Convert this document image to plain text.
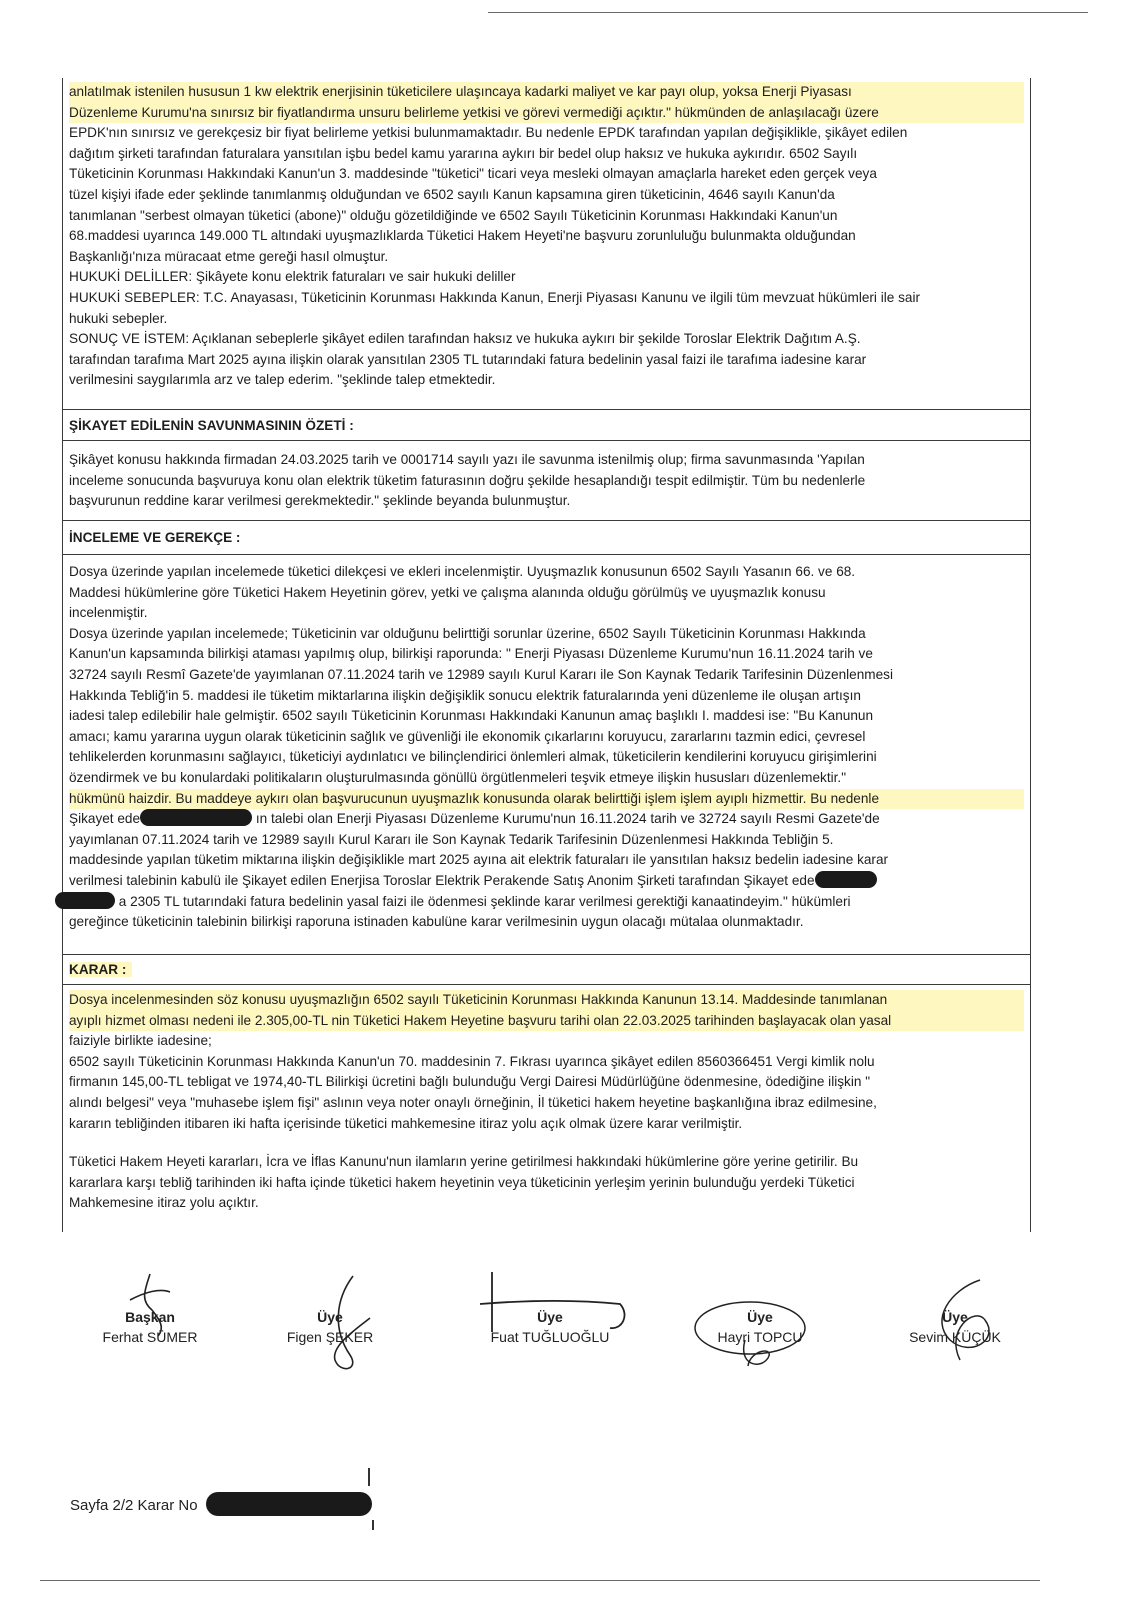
anlatılmak istenilen hususun 1 kw elektrik enerjisinin tüketicilere ulaşıncaya kadarki maliyet ve kar payı olup, yoksa Enerji Piyasası

Düzenleme Kurumu'na sınırsız bir fiyatlandırma unsuru belirleme yetkisi ve görevi vermediği açıktır." hükmünden de anlaşılacağı üzere

EPDK'nın sınırsız ve gerekçesiz bir fiyat belirleme yetkisi bulunmamaktadır. Bu nedenle EPDK tarafından yapılan değişiklikle, şikâyet edilen

dağıtım şirketi tarafından faturalara yansıtılan işbu bedel kamu yararına aykırı bir bedel olup haksız ve hukuka aykırıdır. 6502 Sayılı

Tüketicinin Korunması Hakkındaki Kanun'un 3. maddesinde "tüketici" ticari veya mesleki olmayan amaçlarla hareket eden gerçek veya

tüzel kişiyi ifade eder şeklinde tanımlanmış olduğundan ve 6502 sayılı Kanun kapsamına giren tüketicinin, 4646 sayılı Kanun'da

tanımlanan "serbest olmayan tüketici (abone)" olduğu gözetildiğinde ve 6502 Sayılı Tüketicinin Korunması Hakkındaki Kanun'un

68.maddesi uyarınca 149.000 TL altındaki uyuşmazlıklarda Tüketici Hakem Heyeti'ne başvuru zorunluluğu bulunmakta olduğundan

Başkanlığı'nıza müracaat etme gereği hasıl olmuştur.

HUKUKİ DELİLLER: Şikâyete konu elektrik faturaları ve sair hukuki deliller

HUKUKİ SEBEPLER: T.C. Anayasası, Tüketicinin Korunması Hakkında Kanun, Enerji Piyasası Kanunu ve ilgili tüm mevzuat hükümleri ile sair

hukuki sebepler.

SONUÇ VE İSTEM: Açıklanan sebeplerle şikâyet edilen tarafından haksız ve hukuka aykırı bir şekilde Toroslar Elektrik Dağıtım A.Ş.

tarafından tarafıma Mart 2025 ayına ilişkin olarak yansıtılan 2305 TL tutarındaki fatura bedelinin yasal faizi ile tarafıma iadesine karar

verilmesini saygılarımla arz ve talep ederim. "şeklinde talep etmektedir.

ŞİKAYET EDİLENİN SAVUNMASININ ÖZETİ :

Şikâyet konusu hakkında firmadan 24.03.2025 tarih ve 0001714 sayılı yazı ile savunma istenilmiş olup; firma savunmasında 'Yapılan

inceleme sonucunda başvuruya konu olan elektrik tüketim faturasının doğru şekilde hesaplandığı tespit edilmiştir. Tüm bu nedenlerle

başvurunun reddine karar verilmesi gerekmektedir." şeklinde beyanda bulunmuştur.

İNCELEME VE GEREKÇE :

Dosya üzerinde yapılan incelemede tüketici dilekçesi ve ekleri incelenmiştir. Uyuşmazlık konusunun 6502 Sayılı Yasanın 66. ve 68.

Maddesi hükümlerine göre Tüketici Hakem Heyetinin görev, yetki ve çalışma alanında olduğu görülmüş ve uyuşmazlık konusu

incelenmiştir.

Dosya üzerinde yapılan incelemede; Tüketicinin var olduğunu belirttiği sorunlar üzerine, 6502 Sayılı Tüketicinin Korunması Hakkında

Kanun'un kapsamında bilirkişi ataması yapılmış olup, bilirkişi raporunda: " Enerji Piyasası Düzenleme Kurumu'nun 16.11.2024 tarih ve

32724 sayılı Resmî Gazete'de yayımlanan 07.11.2024 tarih ve 12989 sayılı Kurul Kararı ile Son Kaynak Tedarik Tarifesinin Düzenlenmesi

Hakkında Tebliğ'in 5. maddesi ile tüketim miktarlarına ilişkin değişiklik sonucu elektrik faturalarında yeni düzenleme ile oluşan artışın

iadesi talep edilebilir hale gelmiştir. 6502 sayılı Tüketicinin Korunması Hakkındaki Kanunun amaç başlıklı I. maddesi ise: "Bu Kanunun

amacı; kamu yararına uygun olarak tüketicinin sağlık ve güvenliği ile ekonomik çıkarlarını koruyucu, zararlarını tazmin edici, çevresel

tehlikelerden korunmasını sağlayıcı, tüketiciyi aydınlatıcı ve bilinçlendirici önlemleri almak, tüketicilerin kendilerini koruyucu girişimlerini

özendirmek ve bu konulardaki politikaların oluşturulmasında gönüllü örgütlenmeleri teşvik etmeye ilişkin hususları düzenlemektir."

hükmünü haizdir. Bu maddeye aykırı olan başvurucunun uyuşmazlık konusunda olarak belirttiği işlem işlem ayıplı hizmettir. Bu nedenle

Şikayet ede	ın talebi olan Enerji Piyasası Düzenleme Kurumu'nun 16.11.2024 tarih ve 32724 sayılı Resmi Gazete'de

yayımlanan 07.11.2024 tarih ve 12989 sayılı Kurul Kararı ile Son Kaynak Tedarik Tarifesinin Düzenlenmesi Hakkında Tebliğin 5.

maddesinde yapılan tüketim miktarına ilişkin değişiklikle mart 2025 ayına ait elektrik faturaları ile yansıtılan haksız bedelin iadesine karar

verilmesi talebinin kabulü ile Şikayet edilen Enerjisa Toroslar Elektrik Perakende Satış Anonim Şirketi tarafından Şikayet ede

a 2305 TL tutarındaki fatura bedelinin yasal faizi ile ödenmesi şeklinde karar verilmesi gerektiği kanaatindeyim." hükümleri

gereğince tüketicinin talebinin bilirkişi raporuna istinaden kabulüne karar verilmesinin uygun olacağı mütalaa olunmaktadır.

KARAR :

Dosya incelenmesinden söz konusu uyuşmazlığın 6502 sayılı Tüketicinin Korunması Hakkında Kanunun 13.14. Maddesinde tanımlanan

ayıplı hizmet olması nedeni ile 2.305,00-TL nin Tüketici Hakem Heyetine başvuru tarihi olan 22.03.2025 tarihinden başlayacak olan yasal

faiziyle birlikte iadesine;

6502 sayılı Tüketicinin Korunması Hakkında Kanun'un 70. maddesinin 7. Fıkrası uyarınca şikâyet edilen 8560366451 Vergi kimlik nolu

firmanın 145,00-TL tebligat ve 1974,40-TL Bilirkişi ücretini bağlı bulunduğu Vergi Dairesi Müdürlüğüne ödenmesine, ödediğine ilişkin "

alındı belgesi" veya "muhasebe işlem fişi" aslının veya noter onaylı örneğinin, İl tüketici hakem heyetine başkanlığına ibraz edilmesine,

kararın tebliğinden itibaren iki hafta içerisinde tüketici mahkemesine itiraz yolu açık olmak üzere karar verilmiştir.

Tüketici Hakem Heyeti kararları, İcra ve İflas Kanunu'nun ilamların yerine getirilmesi hakkındaki hükümlerine göre yerine getirilir. Bu

kararlara karşı tebliğ tarihinden iki hafta içinde tüketici hakem heyetinin veya tüketicinin yerleşim yerinin bulunduğu yerdeki Tüketici

Mahkemesine itiraz yolu açıktır.

Başkan
Ferhat SÜMER
Üye
Figen ŞEKER
Üye
Fuat TUĞLUOĞLU
Üye
Hayri TOPCU
Üye
Sevim KÜÇÜK
Sayfa 2/2 Karar No
